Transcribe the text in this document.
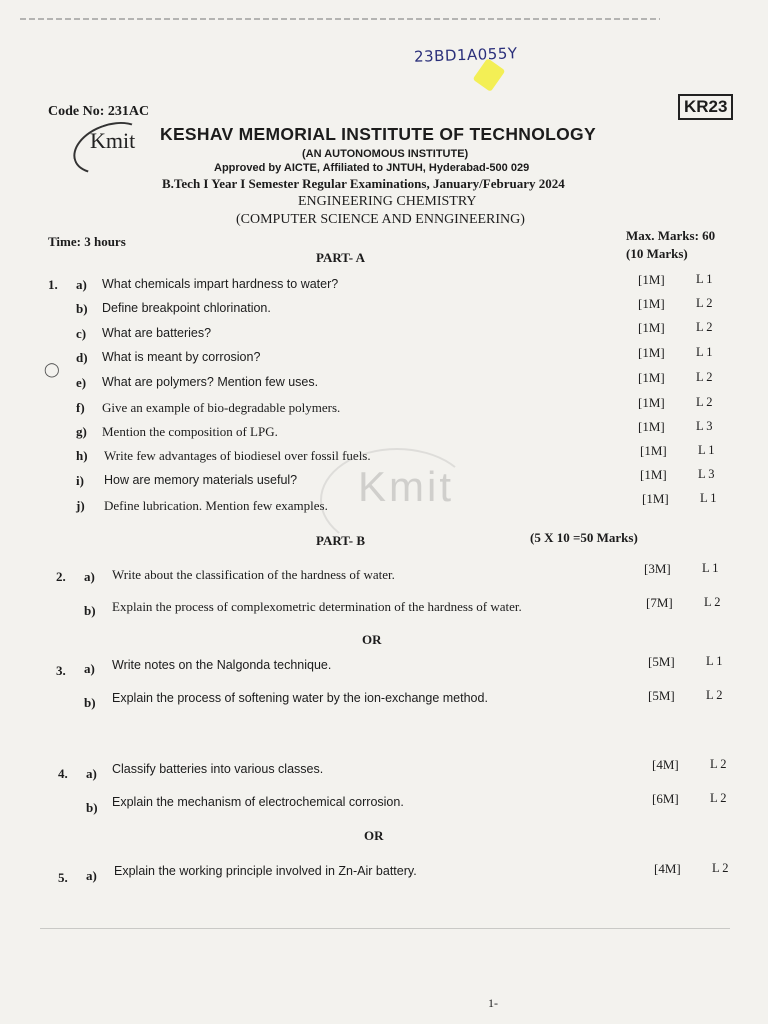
23BD1A055Y
Code No: 231AC	KR23
Kmit KESHAV MEMORIAL INSTITUTE OF TECHNOLOGY
(AN AUTONOMOUS INSTITUTE)
Approved by AICTE, Affiliated to JNTUH, Hyderabad-500 029
B.Tech I Year I Semester Regular Examinations, January/February 2024
ENGINEERING CHEMISTRY
(COMPUTER SCIENCE AND ENNGINEERING)
Time: 3 hours	Max. Marks: 60
PART- A	(10 Marks)
1. a) What chemicals impart hardness to water?	[1M]	L 1
b) Define breakpoint chlorination.	[1M]	L 2
c) What are batteries?	[1M]	L 2
d) What is meant by corrosion?	[1M]	L 1
e) What are polymers? Mention few uses.	[1M]	L 2
f) Give an example of bio-degradable polymers.	[1M]	L 2
g) Mention the composition of LPG.	[1M]	L 3
h) Write few advantages of biodiesel over fossil fuels.	[1M]	L 1
i) How are memory materials useful?	[1M]	L 3
j) Define lubrication. Mention few examples.	[1M]	L 1
Kmit
PART- B	(5 X 10 =50 Marks)
2. a) Write about the classification of the hardness of water.	[3M]	L 1
b) Explain the process of complexometric determination of the hardness of water.	[7M]	L 2
OR
3. a) Write notes on the Nalgonda technique.	[5M]	L 1
b) Explain the process of softening water by the ion-exchange method.	[5M]	L 2
4. a) Classify batteries into various classes.	[4M]	L 2
b) Explain the mechanism of electrochemical corrosion.	[6M]	L 2
OR
5. a) Explain the working principle involved in Zn-Air battery.	[4M]	L 2
1-
◯
